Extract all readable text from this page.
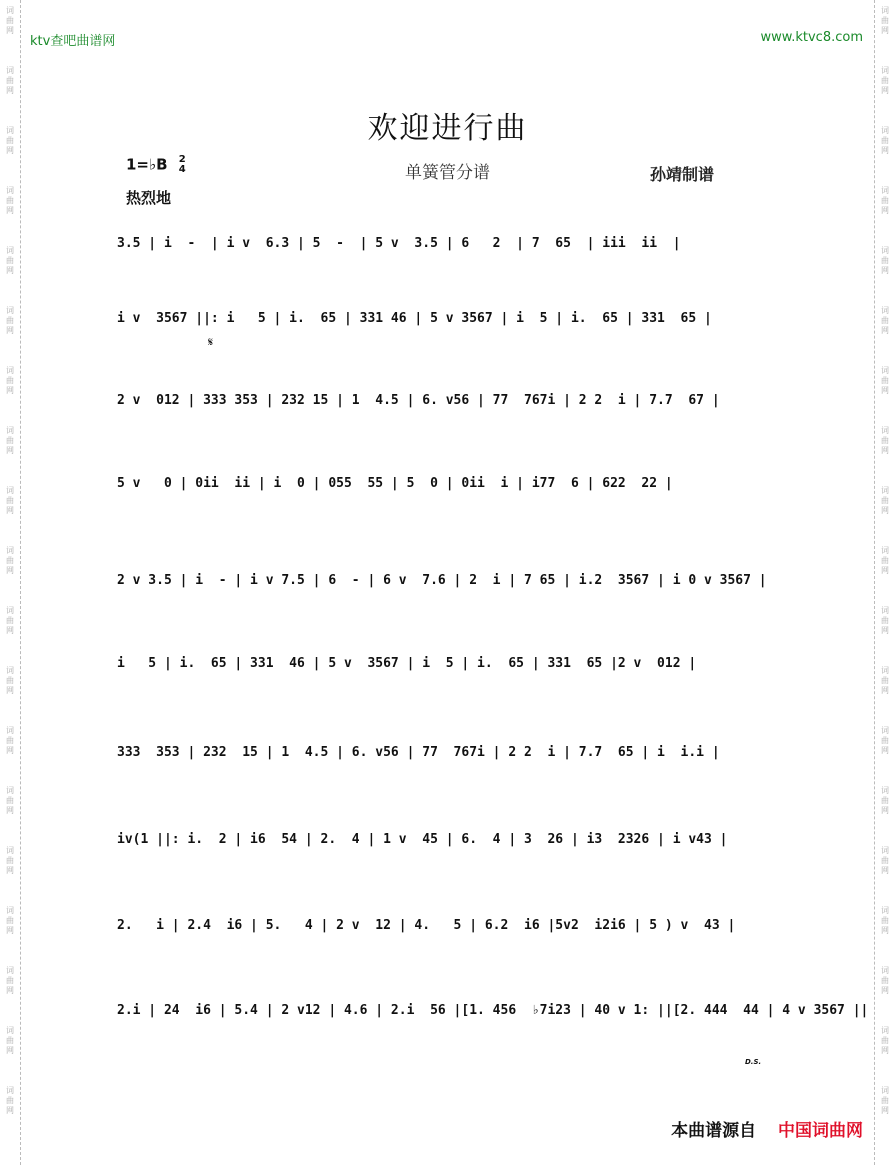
词
曲
网
词
曲
网
词
曲
网
词
曲
网
词
曲
网
词
曲
网
词
曲
网
词
曲
网
词
曲
网
词
曲
网
词
曲
网
词
曲
网
词
曲
网
词
曲
网
词
曲
网
词
曲
网
词
曲
网
词
曲
网
词
曲
网
词
曲
网
词
曲
网
词
曲
网
词
曲
网
词
曲
网
词
曲
网
词
曲
网
词
曲
网
词
曲
网
词
曲
网
词
曲
网
词
曲
网
词
曲
网
词
曲
网
词
曲
网
词
曲
网
词
曲
网
词
曲
网
词
曲
网
ktv查吧曲谱网	www.ktvc8.com
欢迎进行曲
单簧管分谱
1=♭B 2
4
热烈地
孙靖制谱
𝄋
3.5 | i  -  | i v  6.3 | 5  -  | 5 v  3.5 | 6   2  | 7  65  | iii  ii  |
i v  3567 ||: i   5 | i.  65 | 331 46 | 5 v 3567 | i  5 | i.  65 | 331  65 |
2 v  012 | 333 353 | 232 15 | 1  4.5 | 6. v56 | 77  767i | 2 2  i | 7.7  67 |
5 v   0 | 0ii  ii | i  0 | 055  55 | 5  0 | 0ii  i | i77  6 | 622  22 |
2 v 3.5 | i  - | i v 7.5 | 6  - | 6 v  7.6 | 2  i | 7 65 | i.2  3567 | i 0 v 3567 |
i   5 | i.  65 | 331  46 | 5 v  3567 | i  5 | i.  65 | 331  65 |2 v  012 |
333  353 | 232  15 | 1  4.5 | 6. v56 | 77  767i | 2 2  i | 7.7  65 | i  i.i |
iv(1 ||: i.  2 | i6  54 | 2.  4 | 1 v  45 | 6.  4 | 3  26 | i3  2326 | i v43 |
2.   i | 2.4  i6 | 5.   4 | 2 v  12 | 4.   5 | 6.2  i6 |5v2  i2i6 | 5 ) v  43 |
2.i | 24  i6 | 5.4 | 2 v12 | 4.6 | 2.i  56 |[1. 456  ♭7i23 | 40 v 1: ||[2. 444  44 | 4 v 3567 ||
D.S.
本曲谱源自 中国词曲网
